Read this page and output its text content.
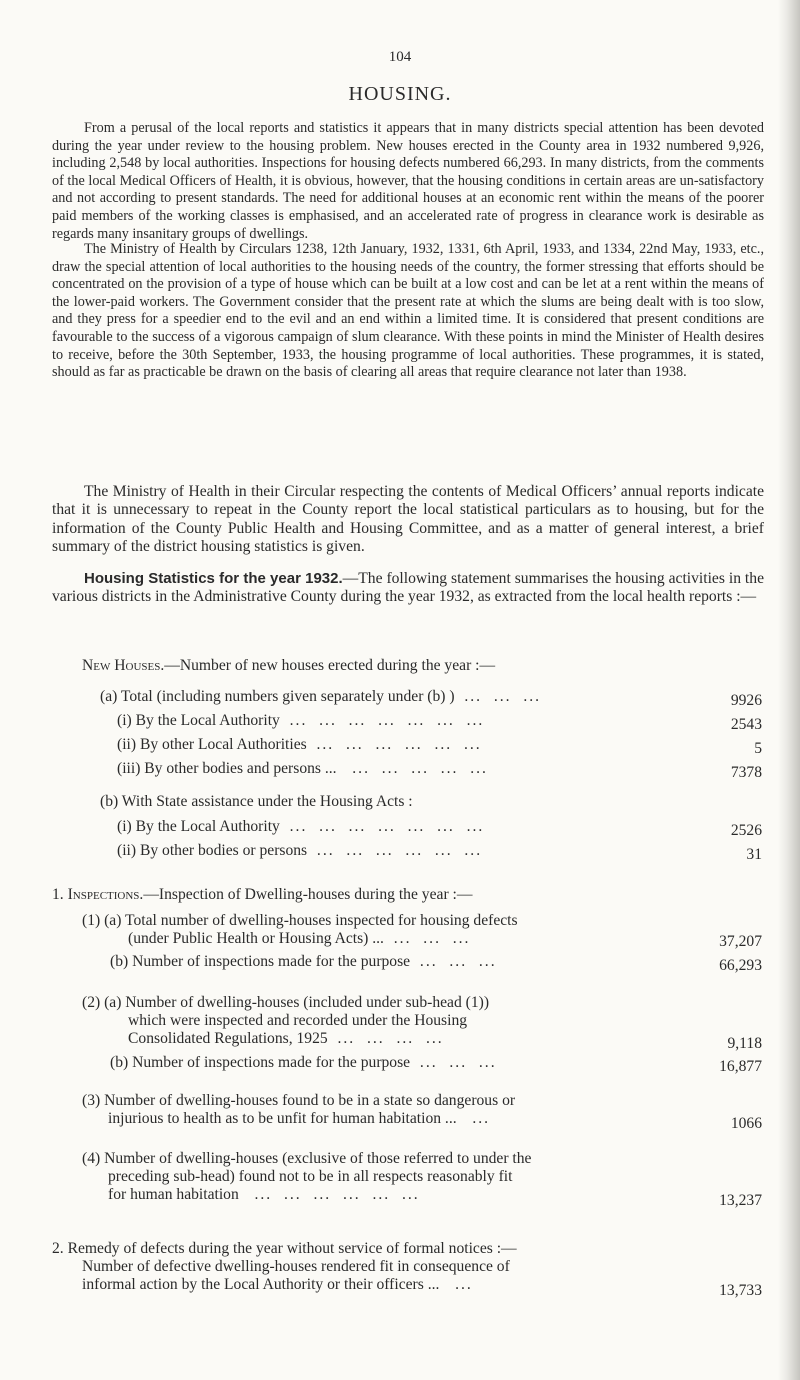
104
HOUSING.

From a perusal of the local reports and statistics it appears that in many districts special attention has been devoted during the year under review to the housing problem. New houses erected in the County area in 1932 numbered 9,926, including 2,548 by local authorities. Inspections for housing defects numbered 66,293. In many districts, from the comments of the local Medical Officers of Health, it is obvious, however, that the housing conditions in certain areas are un-satisfactory and not according to present standards. The need for additional houses at an economic rent within the means of the poorer paid members of the working classes is emphasised, and an accelerated rate of progress in clearance work is desirable as regards many insanitary groups of dwellings.

The Ministry of Health by Circulars 1238, 12th January, 1932, 1331, 6th April, 1933, and 1334, 22nd May, 1933, etc., draw the special attention of local authorities to the housing needs of the country, the former stressing that efforts should be concentrated on the provision of a type of house which can be built at a low cost and can be let at a rent within the means of the lower-paid workers. The Government consider that the present rate at which the slums are being dealt with is too slow, and they press for a speedier end to the evil and an end within a limited time. It is considered that present conditions are favourable to the success of a vigorous campaign of slum clearance. With these points in mind the Minister of Health desires to receive, before the 30th September, 1933, the housing programme of local authorities. These programmes, it is stated, should as far as practicable be drawn on the basis of clearing all areas that require clearance not later than 1938.

The Ministry of Health in their Circular respecting the contents of Medical Officers’ annual reports indicate that it is unnecessary to repeat in the County report the local statistical particulars as to housing, but for the information of the County Public Health and Housing Committee, and as a matter of general interest, a brief summary of the district housing statistics is given.

Housing Statistics for the year 1932.—The following statement summarises the housing activities in the various districts in the Administrative County during the year 1932, as extracted from the local health reports :—

New Houses.—Number of new houses erected during the year :—
(a) Total (including numbers given separately under (b) )  ...  ...  ...	9926
(i) By the Local Authority  ...  ...  ...  ...  ...  ...  ...	2543
(ii) By other Local Authorities  ...  ...  ...  ...  ...  ...	5
(iii) By other bodies and persons ...   ...  ...  ...  ...  ...	7378
(b) With State assistance under the Housing Acts :
(i) By the Local Authority  ...  ...  ...  ...  ...  ...  ...	2526
(ii) By other bodies or persons  ...  ...  ...  ...  ...  ...	31
1. Inspections.—Inspection of Dwelling-houses during the year :—
(1) (a) Total number of dwelling-houses inspected for housing defects
(under Public Health or Housing Acts) ...  ...  ...  ...	37,207
(b) Number of inspections made for the purpose  ...  ...  ...	66,293
(2) (a) Number of dwelling-houses (included under sub-head (1))
which were inspected and recorded under the Housing
Consolidated Regulations, 1925  ...  ...  ...  ...	9,118
(b) Number of inspections made for the purpose  ...  ...  ...	16,877
(3) Number of dwelling-houses found to be in a state so dangerous or
injurious to health as to be unfit for human habitation ...   ...	1066
(4) Number of dwelling-houses (exclusive of those referred to under the
preceding sub-head) found not to be in all respects reasonably fit
for human habitation   ...  ...  ...  ...  ...  ...	13,237
2. Remedy of defects during the year without service of formal notices :—
Number of defective dwelling-houses rendered fit in consequence of
informal action by the Local Authority or their officers ...   ...	13,733
